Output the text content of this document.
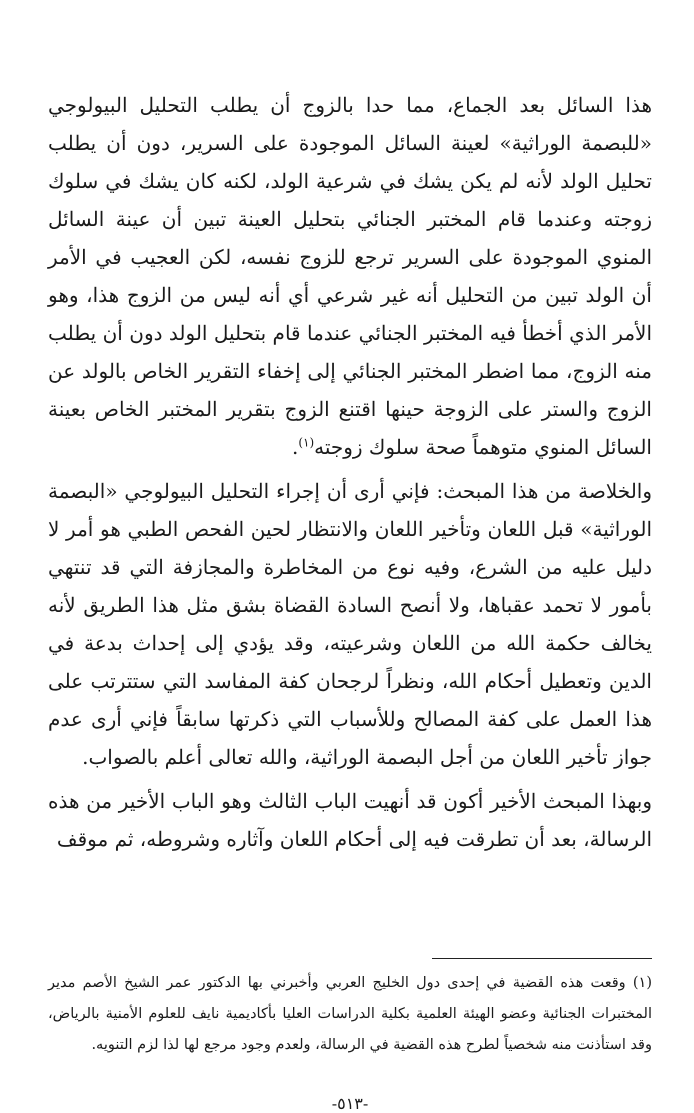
هذا السائل بعد الجماع، مما حدا بالزوج أن يطلب التحليل البيولوجي «للبصمة الوراثية» لعينة السائل الموجودة على السرير، دون أن يطلب تحليل الولد لأنه لم يكن يشك في شرعية الولد، لكنه كان يشك في سلوك زوجته وعندما قام المختبر الجنائي بتحليل العينة تبين أن عينة السائل المنوي الموجودة على السرير ترجع للزوج نفسه، لكن العجيب في الأمر أن الولد تبين من التحليل أنه غير شرعي أي أنه ليس من الزوج هذا، وهو الأمر الذي أخطأ فيه المختبر الجنائي عندما قام بتحليل الولد دون أن يطلب منه الزوج، مما اضطر المختبر الجنائي إلى إخفاء التقرير الخاص بالولد عن الزوج والستر على الزوجة حينها اقتنع الزوج بتقرير المختبر الخاص بعينة السائل المنوي متوهماً صحة سلوك زوجته$^{(١)}$.

والخلاصة من هذا المبحث: فإني أرى أن إجراء التحليل البيولوجي «البصمة الوراثية» قبل اللعان وتأخير اللعان والانتظار لحين الفحص الطبي هو أمر لا دليل عليه من الشرع، وفيه نوع من المخاطرة والمجازفة التي قد تنتهي بأمور لا تحمد عقباها، ولا أنصح السادة القضاة بشق مثل هذا الطريق لأنه يخالف حكمة الله من اللعان وشرعيته، وقد يؤدي إلى إحداث بدعة في الدين وتعطيل أحكام الله، ونظراً لرجحان كفة المفاسد التي ستترتب على هذا العمل على كفة المصالح وللأسباب التي ذكرتها سابقاً فإني أرى عدم جواز تأخير اللعان من أجل البصمة الوراثية، والله تعالى أعلم بالصواب.

وبهذا المبحث الأخير أكون قد أنهيت الباب الثالث وهو الباب الأخير من هذه الرسالة، بعد أن تطرقت فيه إلى أحكام اللعان وآثاره وشروطه، ثم موقف

(١) وقعت هذه القضية في إحدى دول الخليج العربي وأخبرني بها الدكتور عمر الشيخ الأصم مدير المختبرات الجنائية وعضو الهيئة العلمية بكلية الدراسات العليا بأكاديمية نايف للعلوم الأمنية بالرياض، وقد استأذنت منه شخصياً لطرح هذه القضية في الرسالة، ولعدم وجود مرجع لها لذا لزم التنويه.

-٥١٣-
